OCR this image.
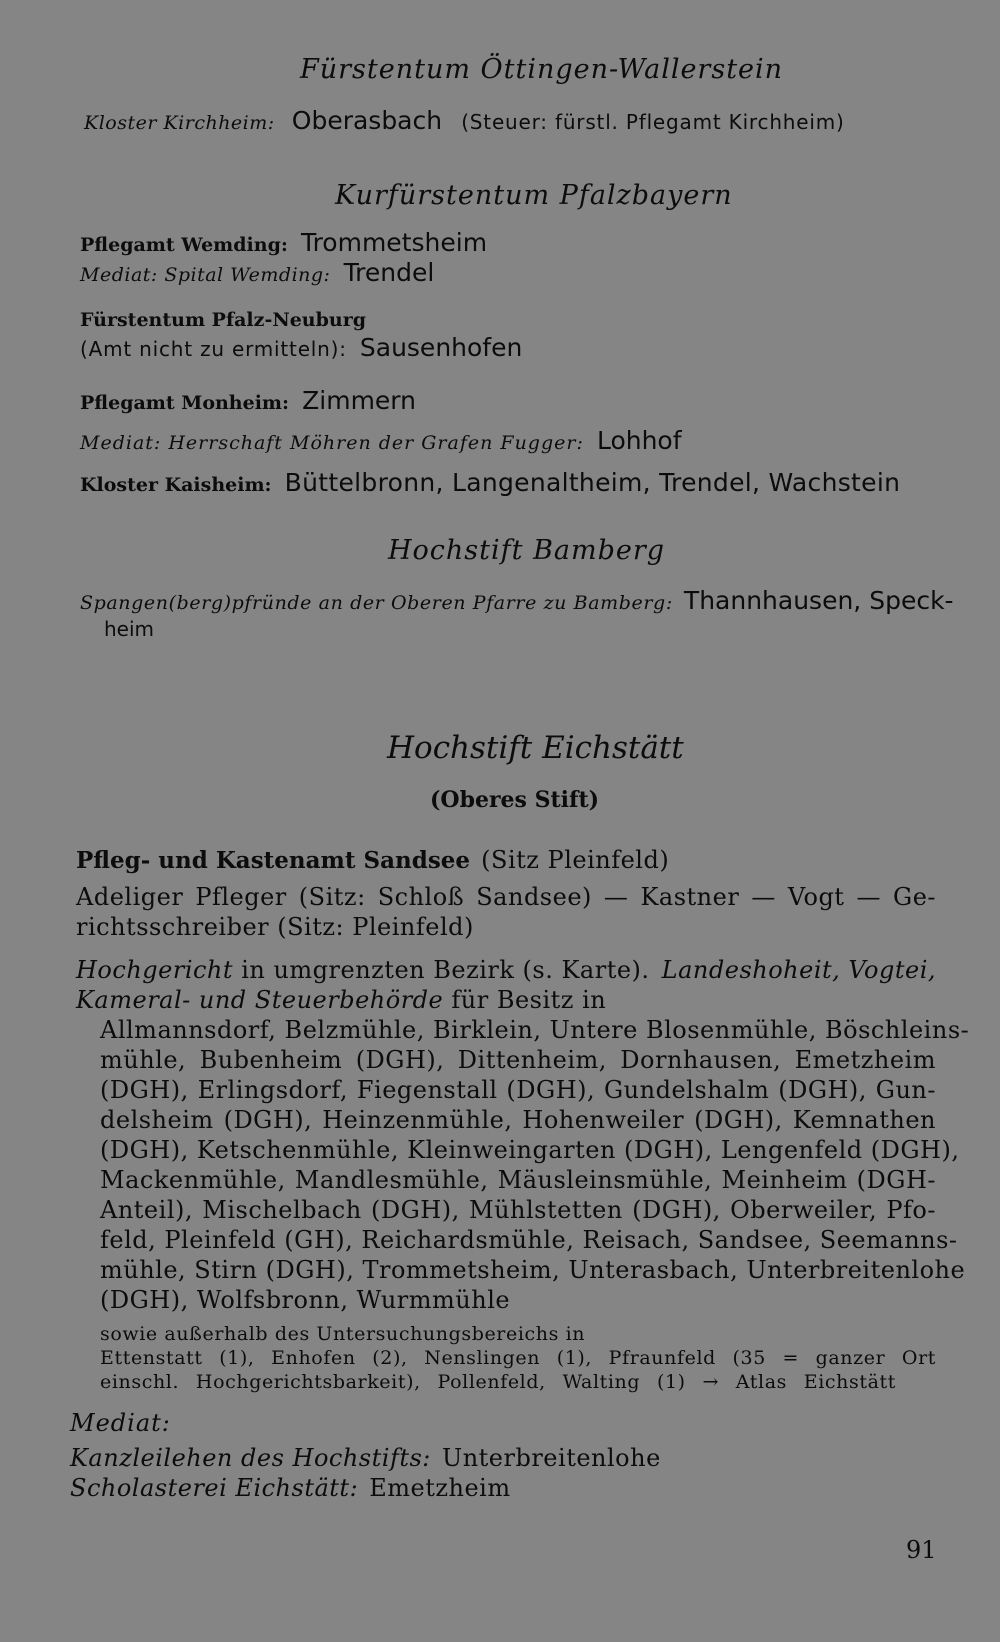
Fürstentum Öttingen-Wallerstein
Kloster Kirchheim: Oberasbach (Steuer: fürstl. Pflegamt Kirchheim)
Kurfürstentum Pfalzbayern
Pflegamt Wemding: Trommetsheim
Mediat: Spital Wemding: Trendel
Fürstentum Pfalz-Neuburg
(Amt nicht zu ermitteln): Sausenhofen
Pflegamt Monheim: Zimmern
Mediat: Herrschaft Möhren der Grafen Fugger: Lohhof
Kloster Kaisheim: Büttelbronn, Langenaltheim, Trendel, Wachstein
Hochstift Bamberg
Spangen(berg)pfründe an der Oberen Pfarre zu Bamberg: Thannhausen, Speck-
heim
Hochstift Eichstätt
(Oberes Stift)
Pfleg- und Kastenamt Sandsee (Sitz Pleinfeld)
Adeliger Pfleger (Sitz: Schloß Sandsee) — Kastner — Vogt — Ge-
richtsschreiber (Sitz: Pleinfeld)
Hochgericht in umgrenzten Bezirk (s. Karte). Landeshoheit, Vogtei,
Kameral- und Steuerbehörde für Besitz in
Allmannsdorf, Belzmühle, Birklein, Untere Blosenmühle, Böschleins-
mühle, Bubenheim (DGH), Dittenheim, Dornhausen, Emetzheim
(DGH), Erlingsdorf, Fiegenstall (DGH), Gundelshalm (DGH), Gun-
delsheim (DGH), Heinzenmühle, Hohenweiler (DGH), Kemnathen
(DGH), Ketschenmühle, Kleinweingarten (DGH), Lengenfeld (DGH),
Mackenmühle, Mandlesmühle, Mäusleinsmühle, Meinheim (DGH-
Anteil), Mischelbach (DGH), Mühlstetten (DGH), Oberweiler, Pfo-
feld, Pleinfeld (GH), Reichardsmühle, Reisach, Sandsee, Seemanns-
mühle, Stirn (DGH), Trommetsheim, Unterasbach, Unterbreitenlohe
(DGH), Wolfsbronn, Wurmmühle
sowie außerhalb des Untersuchungsbereichs in
Ettenstatt (1), Enhofen (2), Nenslingen (1), Pfraunfeld (35 = ganzer Ort
einschl. Hochgerichtsbarkeit), Pollenfeld, Walting (1) → Atlas Eichstätt
Mediat:
Kanzleilehen des Hochstifts: Unterbreitenlohe
Scholasterei Eichstätt: Emetzheim
91
